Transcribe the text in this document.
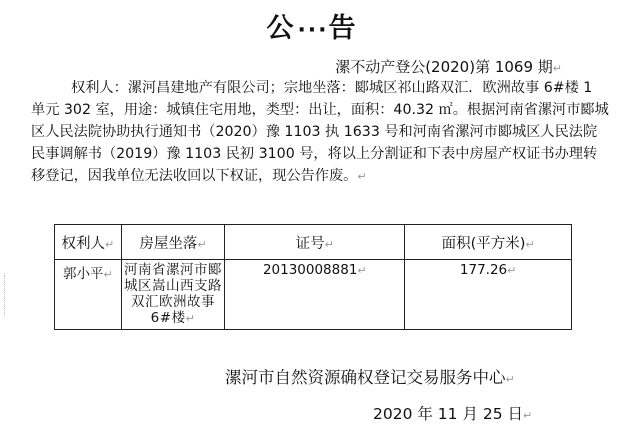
公···告
漯不动产登公(2020)第 1069 期↵
权利人：漯河昌建地产有限公司；宗地坐落：郾城区祁山路双汇．欧洲故事 6#楼 1 单元 302 室，用途：城镇住宅用地，类型：出让，面积：40.32 ㎡。根据河南省漯河市郾城区人民法院协助执行通知书（2020）豫 1103 执 1633 号和河南省漯河市郾城区人民法院民事调解书（2019）豫 1103 民初 3100 号，将以上分割证和下表中房屋产权证书办理转移登记，因我单位无法收回以下权证，现公告作废。↵
权利人↵	房屋坐落↵	证号↵	面积(平方米)↵
郭小平↵	河南省漯河市郾城区嵩山西支路双汇欧洲故事 6#楼↵	20130008881↵	177.26↵
漯河市自然资源确权登记交易服务中心↵
2020 年 11 月 25 日↵
